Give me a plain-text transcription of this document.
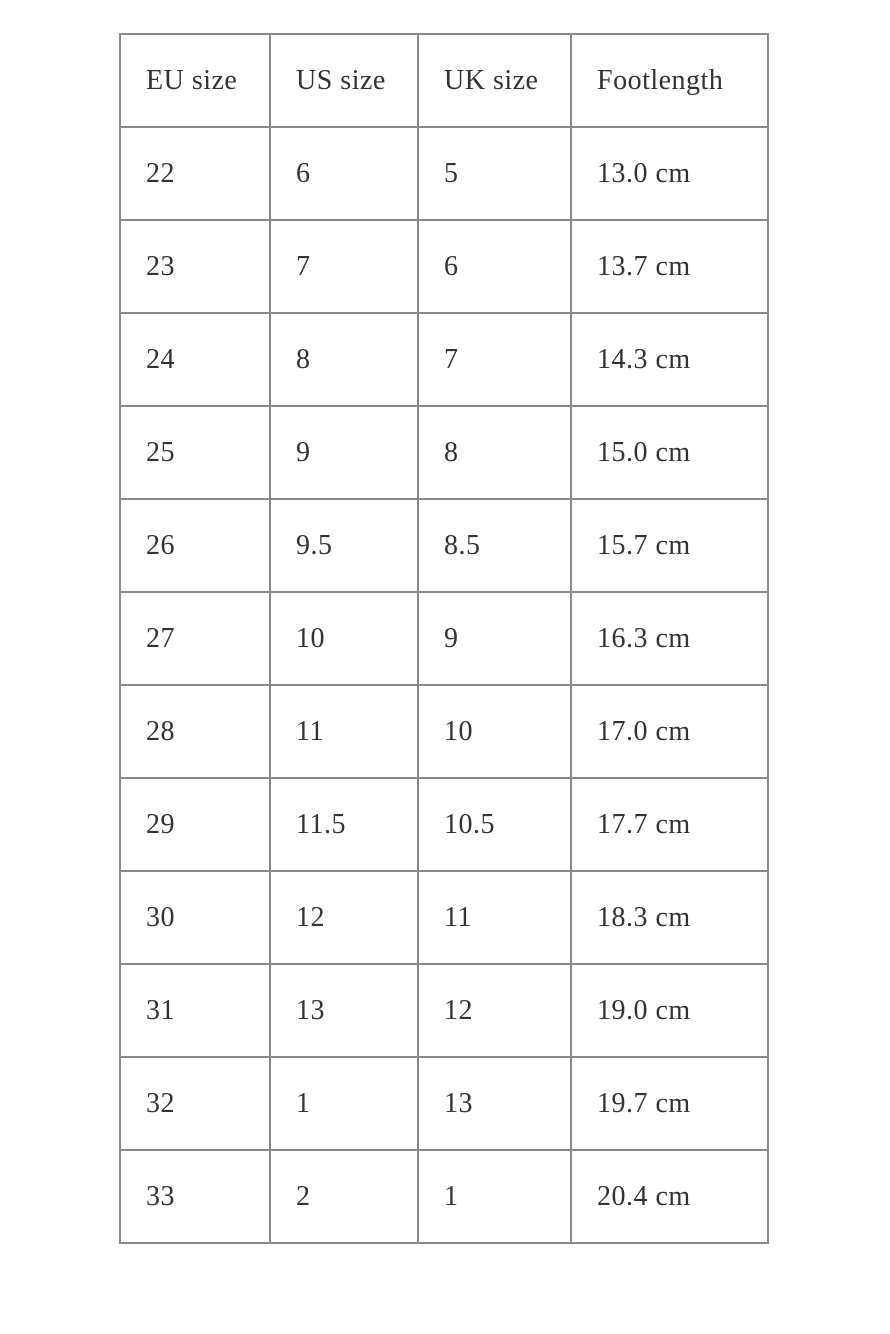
EU size	US size	UK size	Footlength
22	6	5	13.0 cm
23	7	6	13.7 cm
24	8	7	14.3 cm
25	9	8	15.0 cm
26	9.5	8.5	15.7 cm
27	10	9	16.3 cm
28	11	10	17.0 cm
29	11.5	10.5	17.7 cm
30	12	11	18.3 cm
31	13	12	19.0 cm
32	1	13	19.7 cm
33	2	1	20.4 cm
